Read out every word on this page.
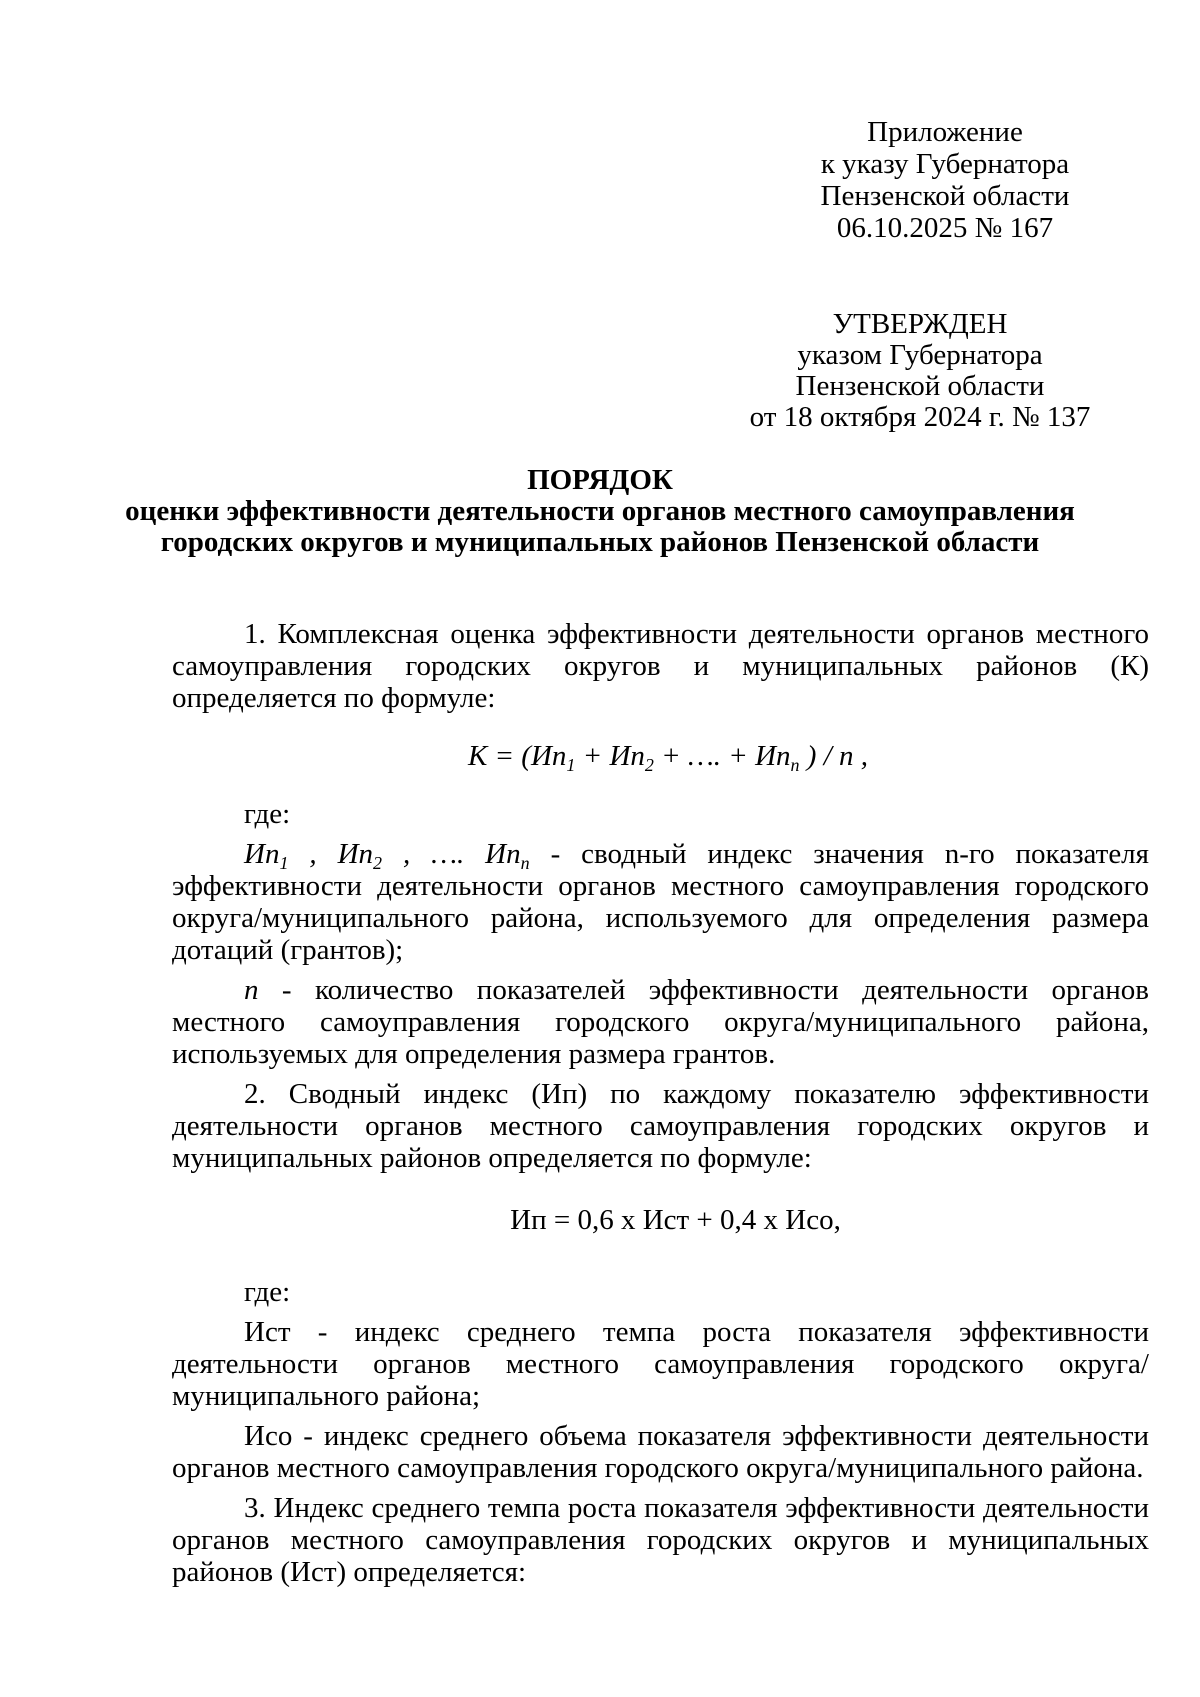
Приложение
к указу Губернатора
Пензенской области
06.10.2025 № 167
УТВЕРЖДЕН
указом Губернатора
Пензенской области
от 18 октября 2024 г. № 137
ПОРЯДОК
оценки эффективности деятельности органов местного самоуправления
городских округов и муниципальных районов Пензенской области

1. Комплексная оценка эффективности деятельности органов местного самоуправления городских округов и муниципальных районов (К) определяется по формуле:

$К = (Ип_1 + Ип_2$ + …. + $Ип_n$ ) / n ,

где:

$Ип_1$ , $Ип_2$ , …. $Ип_n$ - сводный индекс значения n-го показателя эффективности деятельности органов местного самоуправления городского округа/муниципального района, используемого для определения размера дотаций (грантов);

n - количество показателей эффективности деятельности органов местного самоуправления городского округа/муниципального района, используемых для определения размера грантов.

2. Сводный индекс (Ип) по каждому показателю эффективности деятельности органов местного самоуправления городских округов и муниципальных районов определяется по формуле:

Ип = 0,6 х Ист + 0,4 х Исо,

где:

Ист - индекс среднего темпа роста показателя эффективности деятельности органов местного самоуправления городского округа/муниципального района;

Исо - индекс среднего объема показателя эффективности деятельности органов местного самоуправления городского округа/муниципального района.

3. Индекс среднего темпа роста показателя эффективности деятельности органов местного самоуправления городских округов и муниципальных районов (Ист) определяется:
